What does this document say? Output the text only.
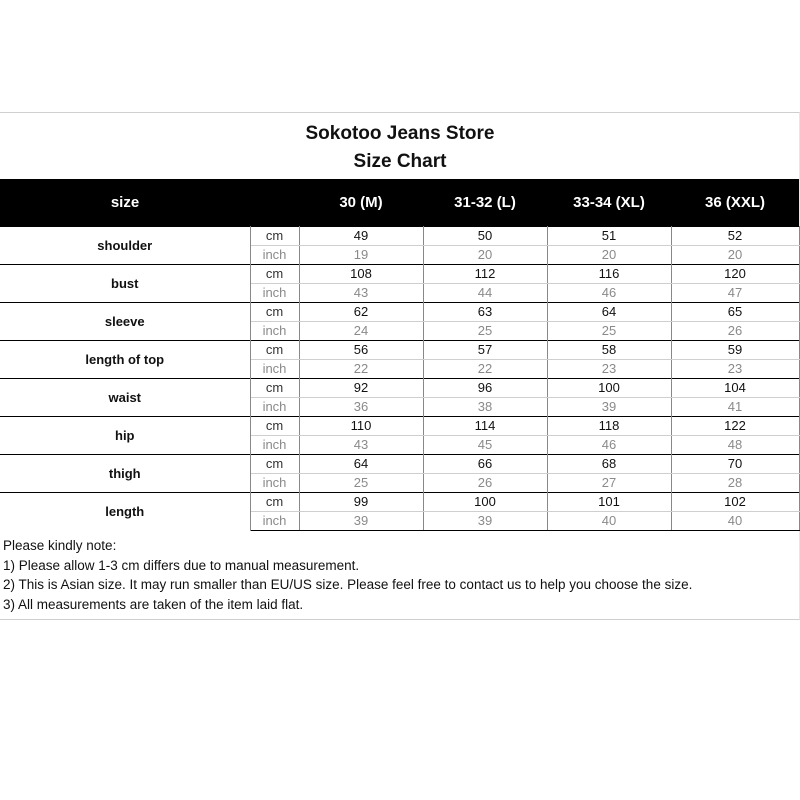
Sokotoo Jeans Store
Size Chart
size		30 (M)	31-32 (L)	33-34 (XL)	36 (XXL)
shoulder	cm	49	50	51	52
	inch	19	20	20	20
bust	cm	108	112	116	120
	inch	43	44	46	47
sleeve	cm	62	63	64	65
	inch	24	25	25	26
length of top	cm	56	57	58	59
	inch	22	22	23	23
waist	cm	92	96	100	104
	inch	36	38	39	41
hip	cm	110	114	118	122
	inch	43	45	46	48
thigh	cm	64	66	68	70
	inch	25	26	27	28
length	cm	99	100	101	102
	inch	39	39	40	40
Please kindly note:
1) Please allow 1-3 cm differs due to manual measurement.
2) This is Asian size. It may run smaller than EU/US size. Please feel free to contact us to help you choose the size.
3) All measurements are taken of the item laid flat.
